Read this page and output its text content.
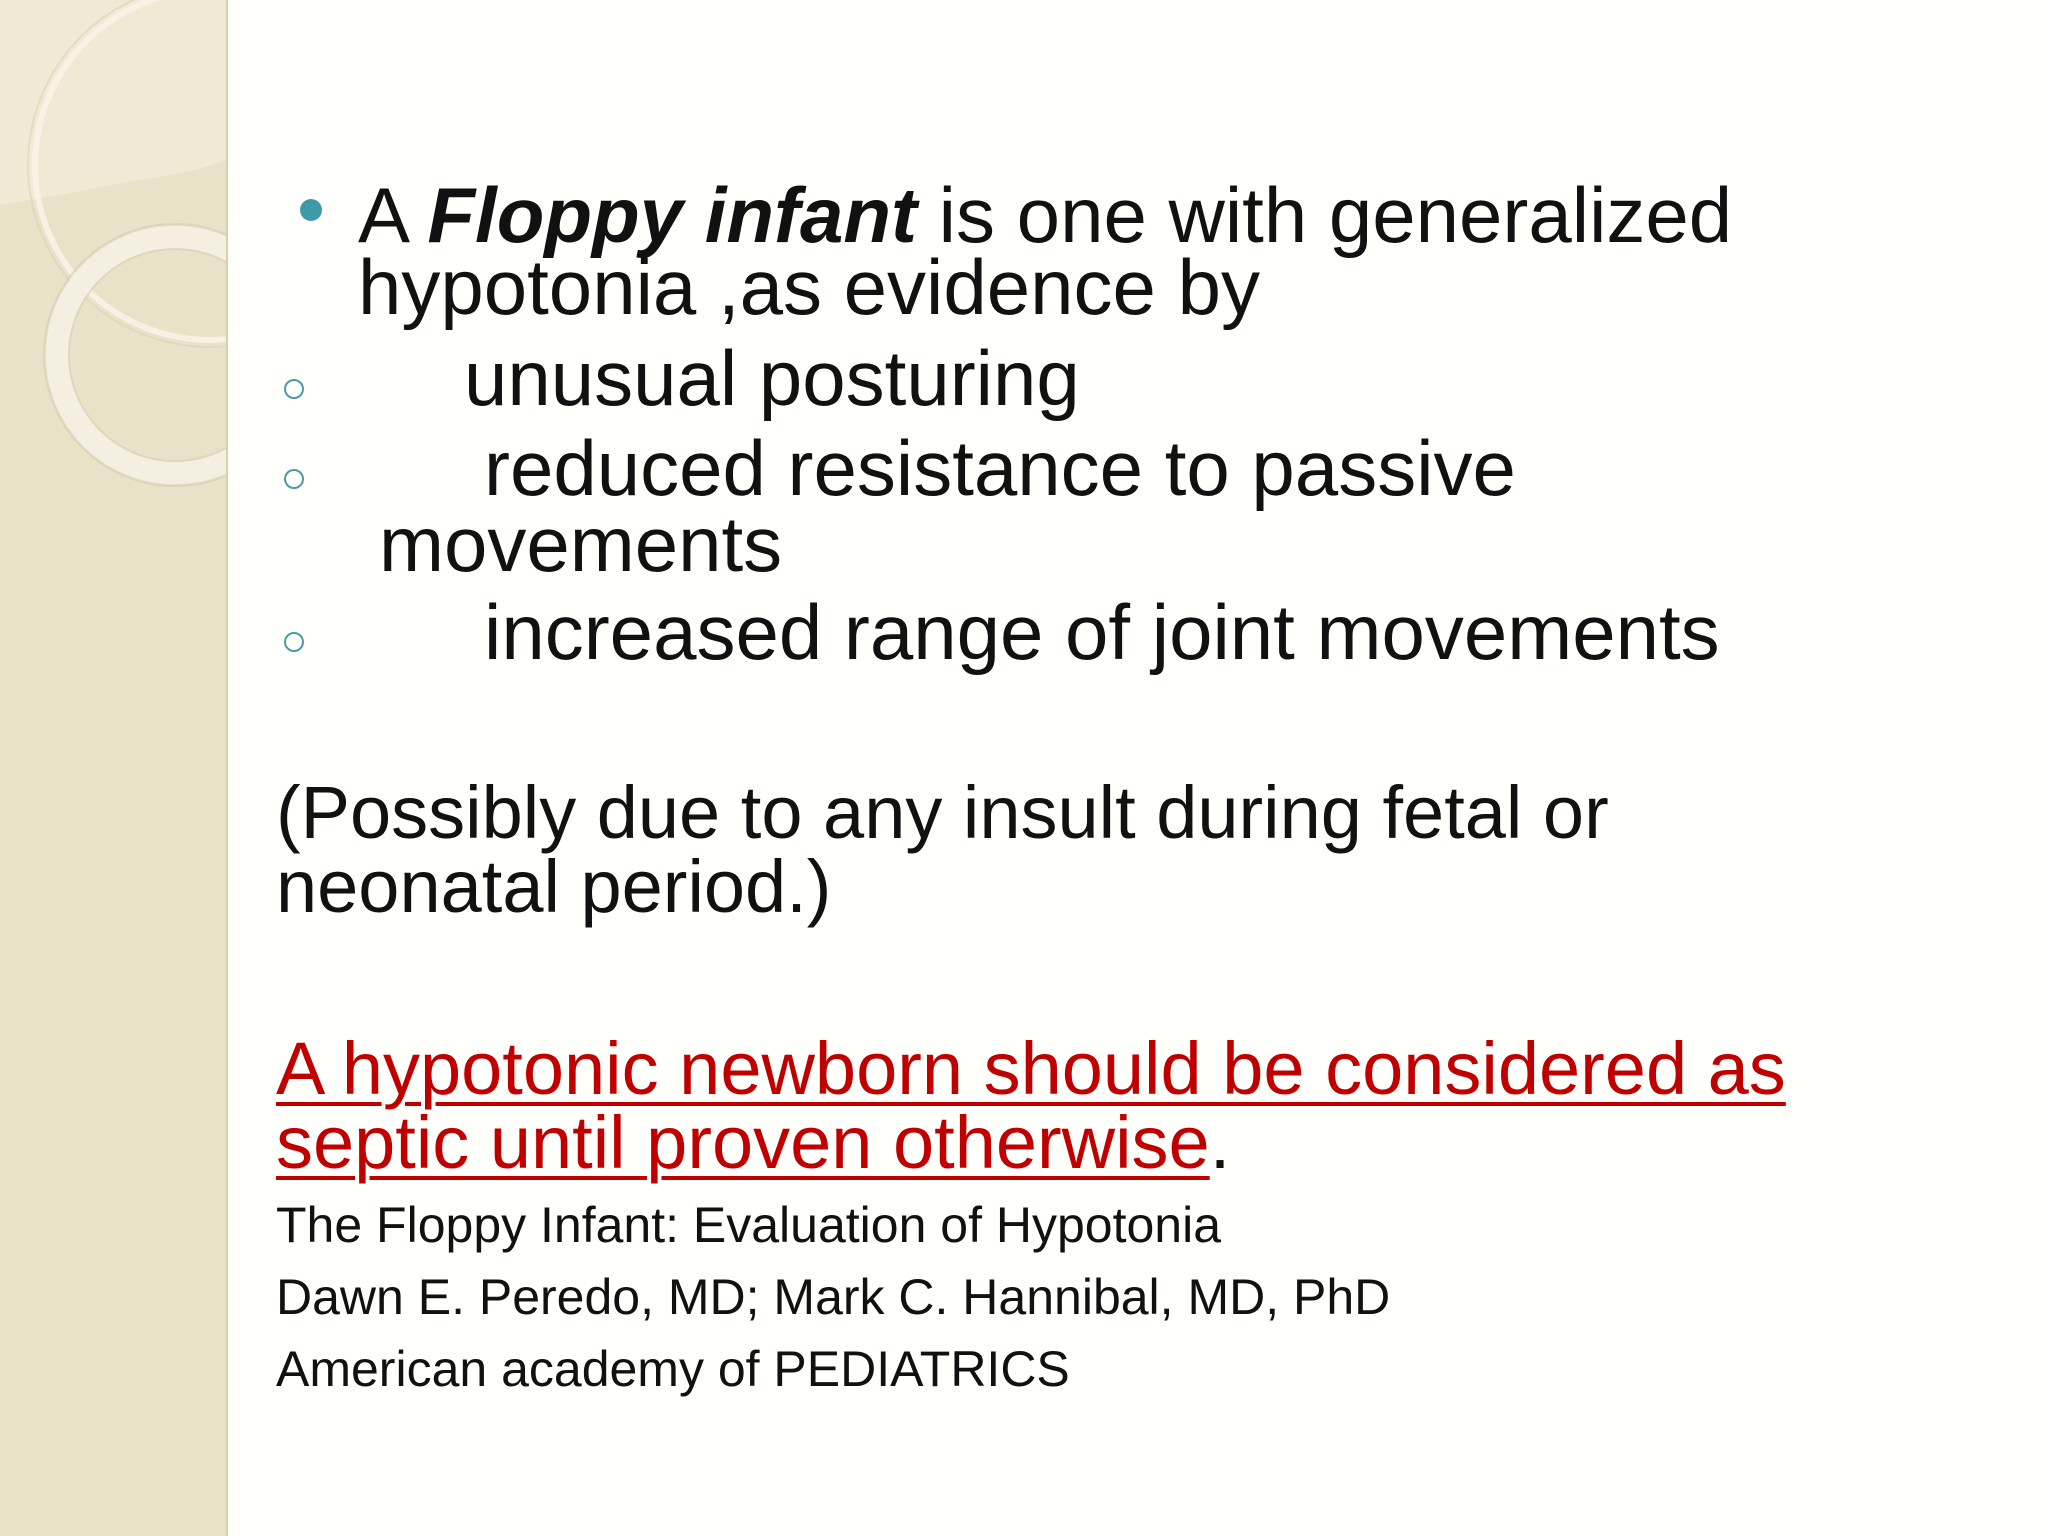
A Floppy infant is one with generalized
hypotonia ,as evidence by
unusual posturing
reduced resistance to passive
movements
increased range of joint movements
(Possibly due to any insult during fetal or
neonatal period.)
A hypotonic newborn should be considered as
septic until proven otherwise.
The Floppy Infant: Evaluation of Hypotonia
Dawn E. Peredo, MD; Mark C. Hannibal, MD, PhD
American academy of PEDIATRICS
